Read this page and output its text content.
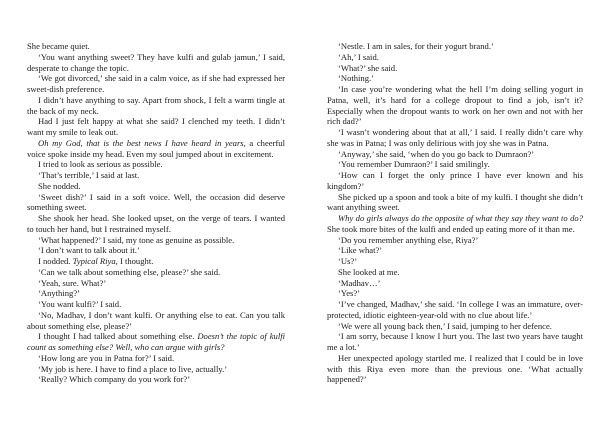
She became quiet.

‘You want anything sweet? They have kulfi and gulab jamun,’ I said, desperate to change the topic.

‘We got divorced,’ she said in a calm voice, as if she had expressed her sweet-dish preference.

I didn’t have anything to say. Apart from shock, I felt a warm tingle at the back of my neck.

Had I just felt happy at what she said? I clenched my teeth. I didn’t want my smile to leak out.

Oh my God, that is the best news I have heard in years, a cheerful voice spoke inside my head. Even my soul jumped about in excitement.

I tried to look as serious as possible.

‘That’s terrible,’ I said at last.

She nodded.

‘Sweet dish?’ I said in a soft voice. Well, the occasion did deserve something sweet.

She shook her head. She looked upset, on the verge of tears. I wanted to touch her hand, but I restrained myself.

‘What happened?’ I said, my tone as genuine as possible.

‘I don’t want to talk about it.’

I nodded. Typical Riya, I thought.

‘Can we talk about something else, please?’ she said.

‘Yeah, sure. What?’

‘Anything?’

‘You want kulfi?’ I said.

‘No, Madhav, I don’t want kulfi. Or anything else to eat. Can you talk about something else, please?’

I thought I had talked about something else. Doesn’t the topic of kulfi count as something else? Well, who can argue with girls?

‘How long are you in Patna for?’ I said.

‘My job is here. I have to find a place to live, actually.’

‘Really? Which company do you work for?’

‘Nestle. I am in sales, for their yogurt brand.’

‘Ah,’ I said.

‘What?’ she said.

‘Nothing.’

‘In case you’re wondering what the hell I’m doing selling yogurt in Patna, well, it’s hard for a college dropout to find a job, isn’t it? Especially when the dropout wants to work on her own and not with her rich dad?’

‘I wasn’t wondering about that at all,’ I said. I really didn’t care why she was in Patna; I was only delirious with joy she was in Patna.

‘Anyway,’ she said, ‘when do you go back to Dumraon?’

‘You remember Dumraon?’ I said smilingly.

‘How can I forget the only prince I have ever known and his kingdom?’

She picked up a spoon and took a bite of my kulfi. I thought she didn’t want anything sweet.

Why do girls always do the opposite of what they say they want to do? She took more bites of the kulfi and ended up eating more of it than me.

‘Do you remember anything else, Riya?’

‘Like what?’

‘Us?’

She looked at me.

‘Madhav…’

‘Yes?’

‘I’ve changed, Madhav,’ she said. ‘In college I was an immature, over-protected, idiotic eighteen-year-old with no clue about life.’

‘We were all young back then,’ I said, jumping to her defence.

‘I am sorry, because I know I hurt you. The last two years have taught me a lot.’

Her unexpected apology startled me. I realized that I could be in love with this Riya even more than the previous one. ‘What actually happened?’
